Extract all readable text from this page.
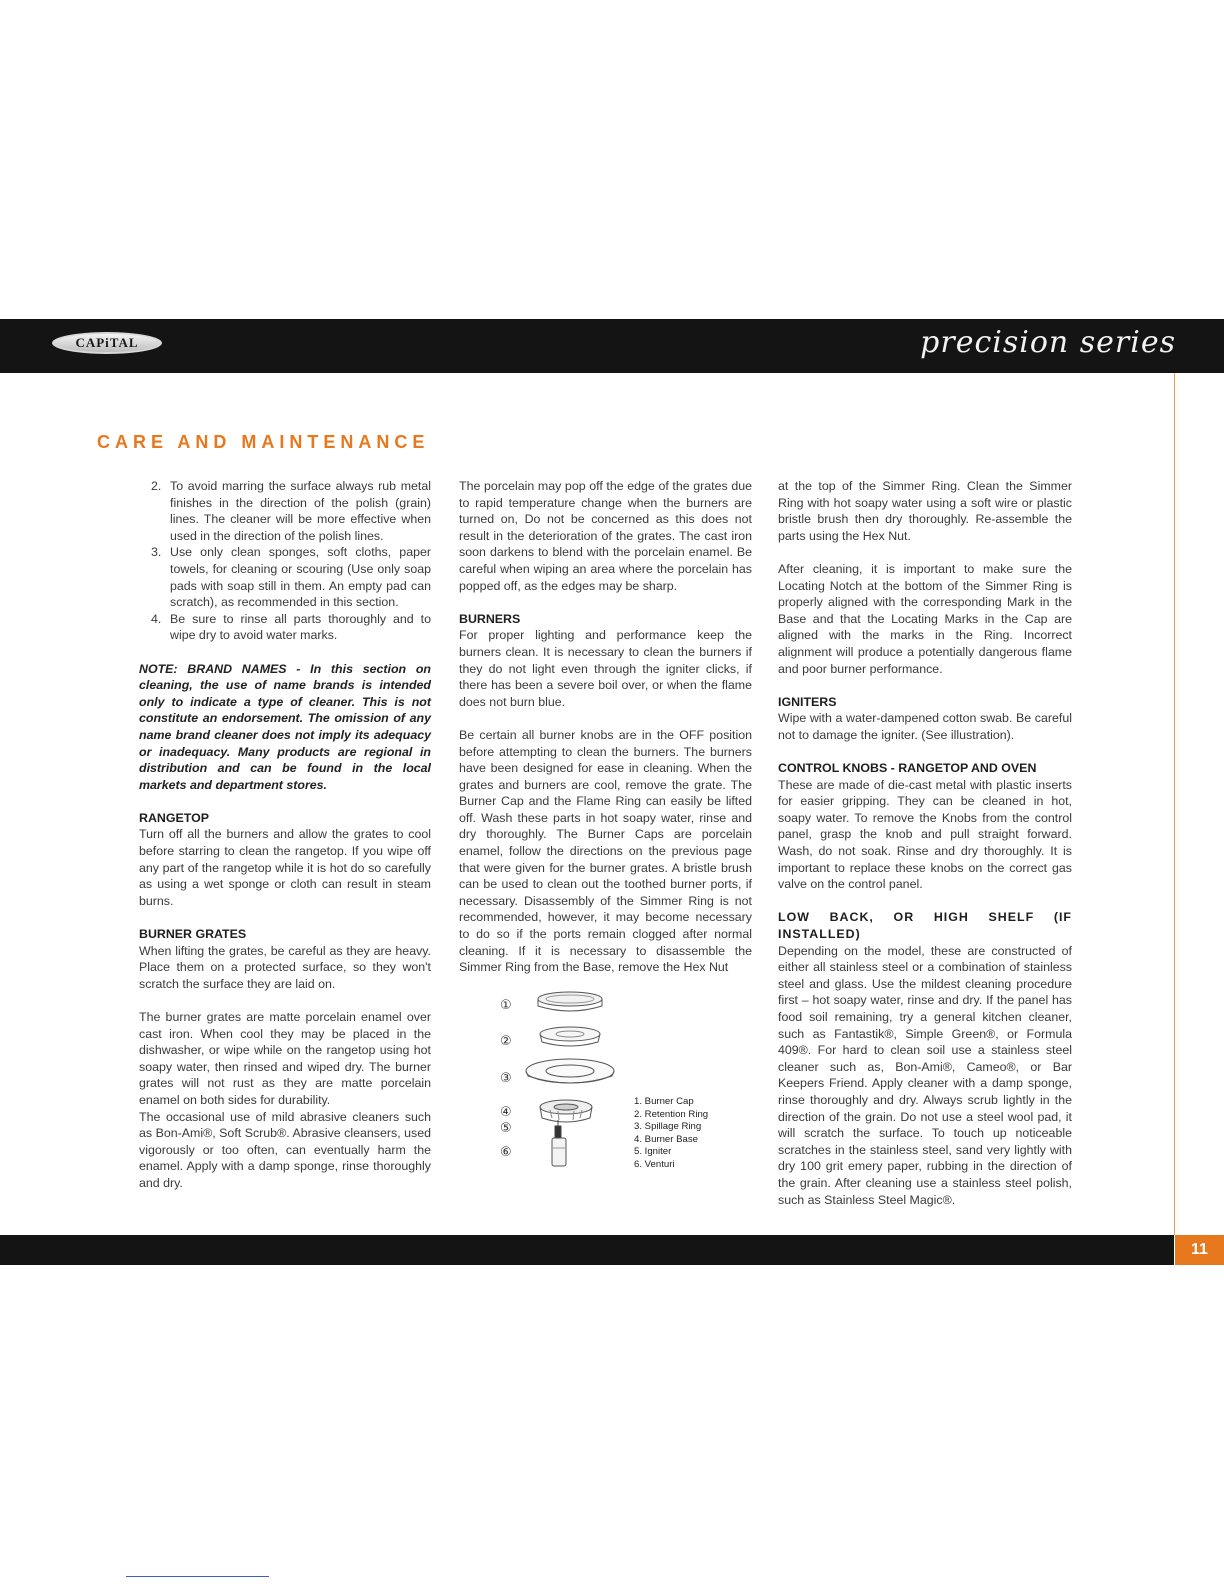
CAPiTAL	precision series
CARE AND MAINTENANCE
2. To avoid marring the surface always rub metal finishes in the direction of the polish (grain) lines. The cleaner will be more effective when used in the direction of the polish lines.
3. Use only clean sponges, soft cloths, paper towels, for cleaning or scouring (Use only soap pads with soap still in them. An empty pad can scratch), as recommended in this section.
4. Be sure to rinse all parts thoroughly and to wipe dry to avoid water marks.

NOTE: BRAND NAMES - In this section on cleaning, the use of name brands is intended only to indicate a type of cleaner. This is not constitute an endorsement. The omission of any name brand cleaner does not imply its adequacy or inadequacy. Many products are regional in distribution and can be found in the local markets and department stores.

RANGETOP

Turn off all the burners and allow the grates to cool before starring to clean the rangetop. If you wipe off any part of the rangetop while it is hot do so carefully as using a wet sponge or cloth can result in steam burns.

BURNER GRATES

When lifting the grates, be careful as they are heavy. Place them on a protected surface, so they won't scratch the surface they are laid on.

The burner grates are matte porcelain enamel over cast iron. When cool they may be placed in the dishwasher, or wipe while on the rangetop using hot soapy water, then rinsed and wiped dry. The burner grates will not rust as they are matte porcelain enamel on both sides for durability.

The occasional use of mild abrasive cleaners such as Bon-Ami®, Soft Scrub®. Abrasive cleansers, used vigorously or too often, can eventually harm the enamel. Apply with a damp sponge, rinse thoroughly and dry.

The porcelain may pop off the edge of the grates due to rapid temperature change when the burners are turned on, Do not be concerned as this does not result in the deterioration of the grates. The cast iron soon darkens to blend with the porcelain enamel. Be careful when wiping an area where the porcelain has popped off, as the edges may be sharp.

BURNERS

For proper lighting and performance keep the burners clean. It is necessary to clean the burners if they do not light even through the igniter clicks, if there has been a severe boil over, or when the flame does not burn blue.

Be certain all burner knobs are in the OFF position before attempting to clean the burners. The burners have been designed for ease in cleaning. When the grates and burners are cool, remove the grate. The Burner Cap and the Flame Ring can easily be lifted off. Wash these parts in hot soapy water, rinse and dry thoroughly. The Burner Caps are porcelain enamel, follow the directions on the previous page that were given for the burner grates. A bristle brush can be used to clean out the toothed burner ports, if necessary. Disassembly of the Simmer Ring is not recommended, however, it may become necessary to do so if the ports remain clogged after normal cleaning. If it is necessary to disassemble the Simmer Ring from the Base, remove the Hex Nut

①
②
③
④
⑤
⑥
1. Burner Cap
2. Retention Ring
3. Spillage Ring
4. Burner Base
5. Igniter
6. Venturi

at the top of the Simmer Ring. Clean the Simmer Ring with hot soapy water using a soft wire or plastic bristle brush then dry thoroughly. Re-assemble the parts using the Hex Nut.

After cleaning, it is important to make sure the Locating Notch at the bottom of the Simmer Ring is properly aligned with the corresponding Mark in the Base and that the Locating Marks in the Cap are aligned with the marks in the Ring. Incorrect alignment will produce a potentially dangerous flame and poor burner performance.

IGNITERS

Wipe with a water-dampened cotton swab. Be careful not to damage the igniter. (See illustration).

CONTROL KNOBS - RANGETOP AND OVEN

These are made of die-cast metal with plastic inserts for easier gripping. They can be cleaned in hot, soapy water. To remove the Knobs from the control panel, grasp the knob and pull straight forward. Wash, do not soak. Rinse and dry thoroughly. It is important to replace these knobs on the correct gas valve on the control panel.

LOW BACK, OR HIGH SHELF (IF INSTALLED)

Depending on the model, these are constructed of either all stainless steel or a combination of stainless steel and glass. Use the mildest cleaning procedure first – hot soapy water, rinse and dry. If the panel has food soil remaining, try a general kitchen cleaner, such as Fantastik®, Simple Green®, or Formula 409®. For hard to clean soil use a stainless steel cleaner such as, Bon-Ami®, Cameo®, or Bar Keepers Friend. Apply cleaner with a damp sponge, rinse thoroughly and dry. Always scrub lightly in the direction of the grain. Do not use a steel wool pad, it will scratch the surface. To touch up noticeable scratches in the stainless steel, sand very lightly with dry 100 grit emery paper, rubbing in the direction of the grain. After cleaning use a stainless steel polish, such as Stainless Steel Magic®.

11
